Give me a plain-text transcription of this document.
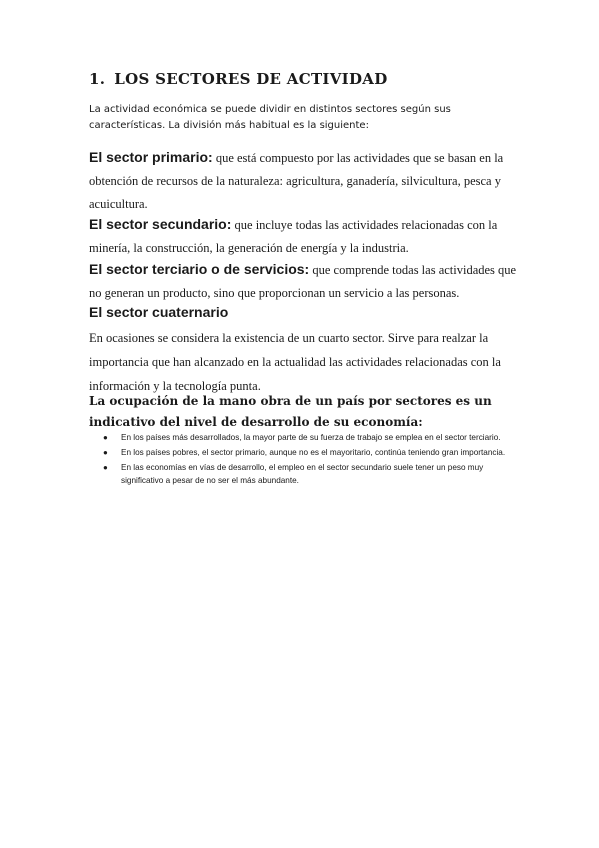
1. LOS SECTORES DE ACTIVIDAD
La actividad económica se puede dividir en distintos sectores según sus características. La división más habitual es la siguiente:
El sector primario: que está compuesto por las actividades que se basan en la obtención de recursos de la naturaleza: agricultura, ganadería, silvicultura, pesca y acuicultura.
El sector secundario: que incluye todas las actividades relacionadas con la minería, la construcción, la generación de energía y la industria.
El sector terciario o de servicios: que comprende todas las actividades que no generan un producto, sino que proporcionan un servicio a las personas.
El sector cuaternario
En ocasiones se considera la existencia de un cuarto sector. Sirve para realzar la importancia que han alcanzado en la actualidad las actividades relacionadas con la información y la tecnología punta.
La ocupación de la mano obra de un país por sectores es un indicativo del nivel de desarrollo de su economía:
● En los países más desarrollados, la mayor parte de su fuerza de trabajo se emplea en el sector terciario.
● En los países pobres, el sector primario, aunque no es el mayoritario, continúa teniendo gran importancia.
● En las economías en vías de desarrollo, el empleo en el sector secundario suele tener un peso muy significativo a pesar de no ser el más abundante.
